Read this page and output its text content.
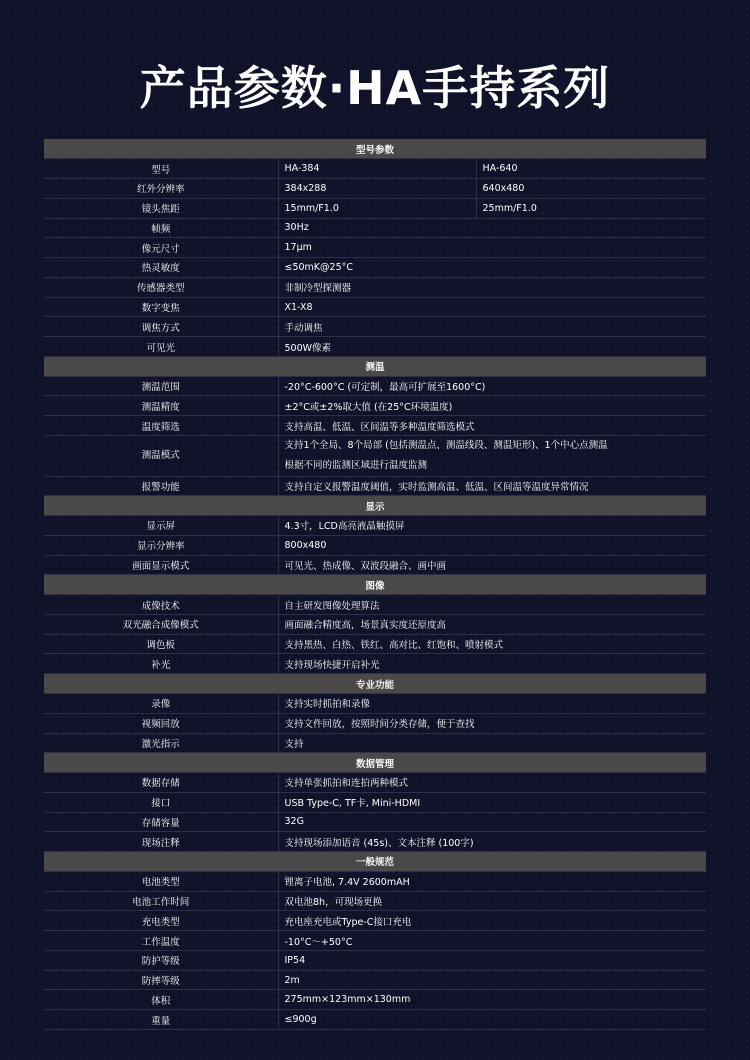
产品参数·HA手持系列
型号参数		
型号	HA-384	HA-640
红外分辨率	384x288	640x480
镜头焦距	15mm/F1.0	25mm/F1.0
帧频	30Hz	
像元尺寸	17μm	
热灵敏度	≤50mK@25°C	
传感器类型	非制冷型探测器	
数字变焦	X1-X8	
调焦方式	手动调焦	
可见光	500W像素	
测温		
测温范围	-20°C-600°C (可定制，最高可扩展至1600°C)	
测温精度	±2°C或±2%取大值 (在25°C环境温度)	
温度筛选	支持高温、低温、区间温等多种温度筛选模式	
测温模式	支持1个全局、8个局部 (包括测温点、测温线段、测温矩形)、1个中心点测温
根据不同的监测区域进行温度监测	

报警功能	支持自定义报警温度阈值，实时监测高温、低温、区间温等温度异常情况	
显示		
显示屏	4.3寸，LCD高亮液晶触摸屏	
显示分辨率	800x480	
画面显示模式	可见光、热成像、双波段融合、画中画	
图像		
成像技术	自主研发图像处理算法	
双光融合成像模式	画面融合精度高，场景真实度还原度高	
调色板	支持黑热、白热、铁红、高对比、红饱和、喷射模式	
补光	支持现场快捷开启补光	
专业功能		
录像	支持实时抓拍和录像	
视频回放	支持文件回放，按照时间分类存储，便于查找	
激光指示	支持	
数据管理		
数据存储	支持单张抓拍和连拍两种模式	
接口	USB Type-C, TF卡, Mini-HDMI	
存储容量	32G	
现场注释	支持现场添加语音 (45s)、文本注释 (100字)	
一般规范		
电池类型	锂离子电池, 7.4V 2600mAH	
电池工作时间	双电池8h，可现场更换	
充电类型	充电座充电或Type-C接口充电	
工作温度	-10°C～+50°C	
防护等级	IP54	
防摔等级	2m	
体积	275mm×123mm×130mm	
重量	≤900g	
